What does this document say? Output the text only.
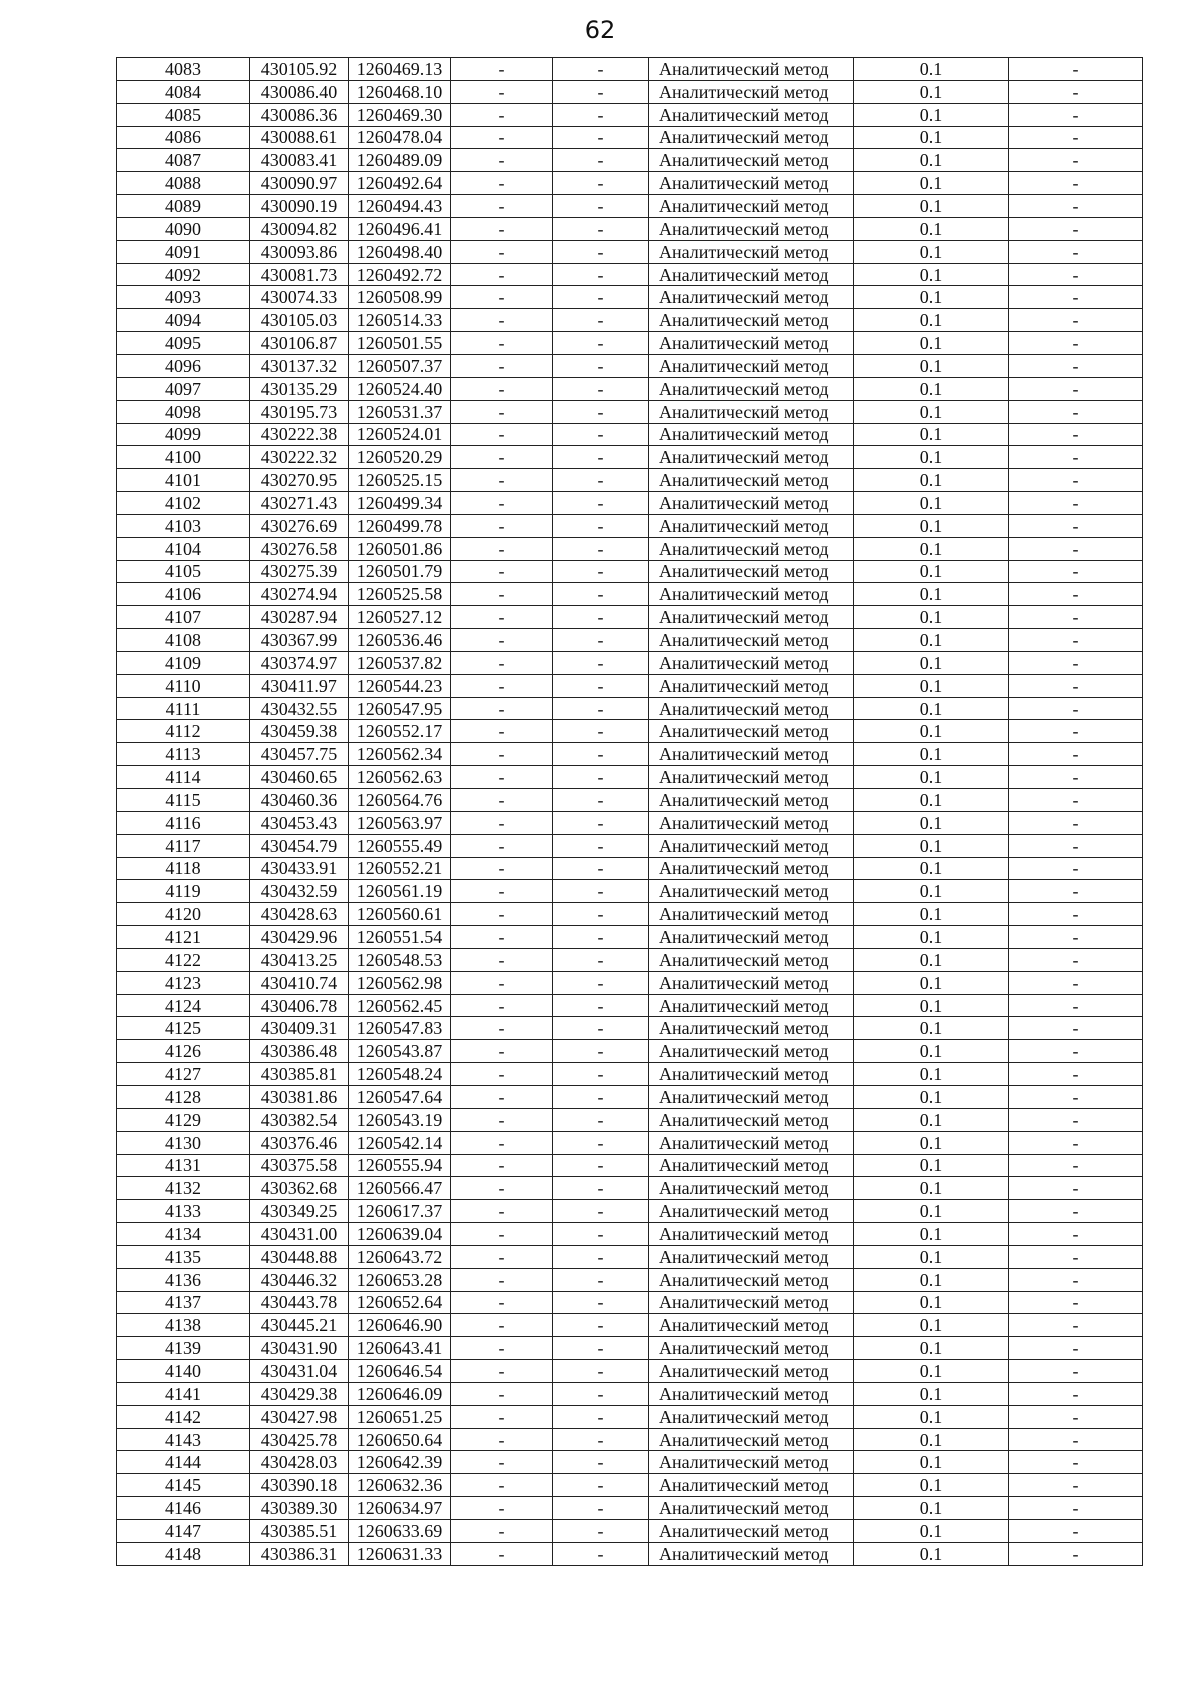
62
4083	430105.92	1260469.13	-	-	Аналитический метод	0.1	-
4084	430086.40	1260468.10	-	-	Аналитический метод	0.1	-
4085	430086.36	1260469.30	-	-	Аналитический метод	0.1	-
4086	430088.61	1260478.04	-	-	Аналитический метод	0.1	-
4087	430083.41	1260489.09	-	-	Аналитический метод	0.1	-
4088	430090.97	1260492.64	-	-	Аналитический метод	0.1	-
4089	430090.19	1260494.43	-	-	Аналитический метод	0.1	-
4090	430094.82	1260496.41	-	-	Аналитический метод	0.1	-
4091	430093.86	1260498.40	-	-	Аналитический метод	0.1	-
4092	430081.73	1260492.72	-	-	Аналитический метод	0.1	-
4093	430074.33	1260508.99	-	-	Аналитический метод	0.1	-
4094	430105.03	1260514.33	-	-	Аналитический метод	0.1	-
4095	430106.87	1260501.55	-	-	Аналитический метод	0.1	-
4096	430137.32	1260507.37	-	-	Аналитический метод	0.1	-
4097	430135.29	1260524.40	-	-	Аналитический метод	0.1	-
4098	430195.73	1260531.37	-	-	Аналитический метод	0.1	-
4099	430222.38	1260524.01	-	-	Аналитический метод	0.1	-
4100	430222.32	1260520.29	-	-	Аналитический метод	0.1	-
4101	430270.95	1260525.15	-	-	Аналитический метод	0.1	-
4102	430271.43	1260499.34	-	-	Аналитический метод	0.1	-
4103	430276.69	1260499.78	-	-	Аналитический метод	0.1	-
4104	430276.58	1260501.86	-	-	Аналитический метод	0.1	-
4105	430275.39	1260501.79	-	-	Аналитический метод	0.1	-
4106	430274.94	1260525.58	-	-	Аналитический метод	0.1	-
4107	430287.94	1260527.12	-	-	Аналитический метод	0.1	-
4108	430367.99	1260536.46	-	-	Аналитический метод	0.1	-
4109	430374.97	1260537.82	-	-	Аналитический метод	0.1	-
4110	430411.97	1260544.23	-	-	Аналитический метод	0.1	-
4111	430432.55	1260547.95	-	-	Аналитический метод	0.1	-
4112	430459.38	1260552.17	-	-	Аналитический метод	0.1	-
4113	430457.75	1260562.34	-	-	Аналитический метод	0.1	-
4114	430460.65	1260562.63	-	-	Аналитический метод	0.1	-
4115	430460.36	1260564.76	-	-	Аналитический метод	0.1	-
4116	430453.43	1260563.97	-	-	Аналитический метод	0.1	-
4117	430454.79	1260555.49	-	-	Аналитический метод	0.1	-
4118	430433.91	1260552.21	-	-	Аналитический метод	0.1	-
4119	430432.59	1260561.19	-	-	Аналитический метод	0.1	-
4120	430428.63	1260560.61	-	-	Аналитический метод	0.1	-
4121	430429.96	1260551.54	-	-	Аналитический метод	0.1	-
4122	430413.25	1260548.53	-	-	Аналитический метод	0.1	-
4123	430410.74	1260562.98	-	-	Аналитический метод	0.1	-
4124	430406.78	1260562.45	-	-	Аналитический метод	0.1	-
4125	430409.31	1260547.83	-	-	Аналитический метод	0.1	-
4126	430386.48	1260543.87	-	-	Аналитический метод	0.1	-
4127	430385.81	1260548.24	-	-	Аналитический метод	0.1	-
4128	430381.86	1260547.64	-	-	Аналитический метод	0.1	-
4129	430382.54	1260543.19	-	-	Аналитический метод	0.1	-
4130	430376.46	1260542.14	-	-	Аналитический метод	0.1	-
4131	430375.58	1260555.94	-	-	Аналитический метод	0.1	-
4132	430362.68	1260566.47	-	-	Аналитический метод	0.1	-
4133	430349.25	1260617.37	-	-	Аналитический метод	0.1	-
4134	430431.00	1260639.04	-	-	Аналитический метод	0.1	-
4135	430448.88	1260643.72	-	-	Аналитический метод	0.1	-
4136	430446.32	1260653.28	-	-	Аналитический метод	0.1	-
4137	430443.78	1260652.64	-	-	Аналитический метод	0.1	-
4138	430445.21	1260646.90	-	-	Аналитический метод	0.1	-
4139	430431.90	1260643.41	-	-	Аналитический метод	0.1	-
4140	430431.04	1260646.54	-	-	Аналитический метод	0.1	-
4141	430429.38	1260646.09	-	-	Аналитический метод	0.1	-
4142	430427.98	1260651.25	-	-	Аналитический метод	0.1	-
4143	430425.78	1260650.64	-	-	Аналитический метод	0.1	-
4144	430428.03	1260642.39	-	-	Аналитический метод	0.1	-
4145	430390.18	1260632.36	-	-	Аналитический метод	0.1	-
4146	430389.30	1260634.97	-	-	Аналитический метод	0.1	-
4147	430385.51	1260633.69	-	-	Аналитический метод	0.1	-
4148	430386.31	1260631.33	-	-	Аналитический метод	0.1	-
